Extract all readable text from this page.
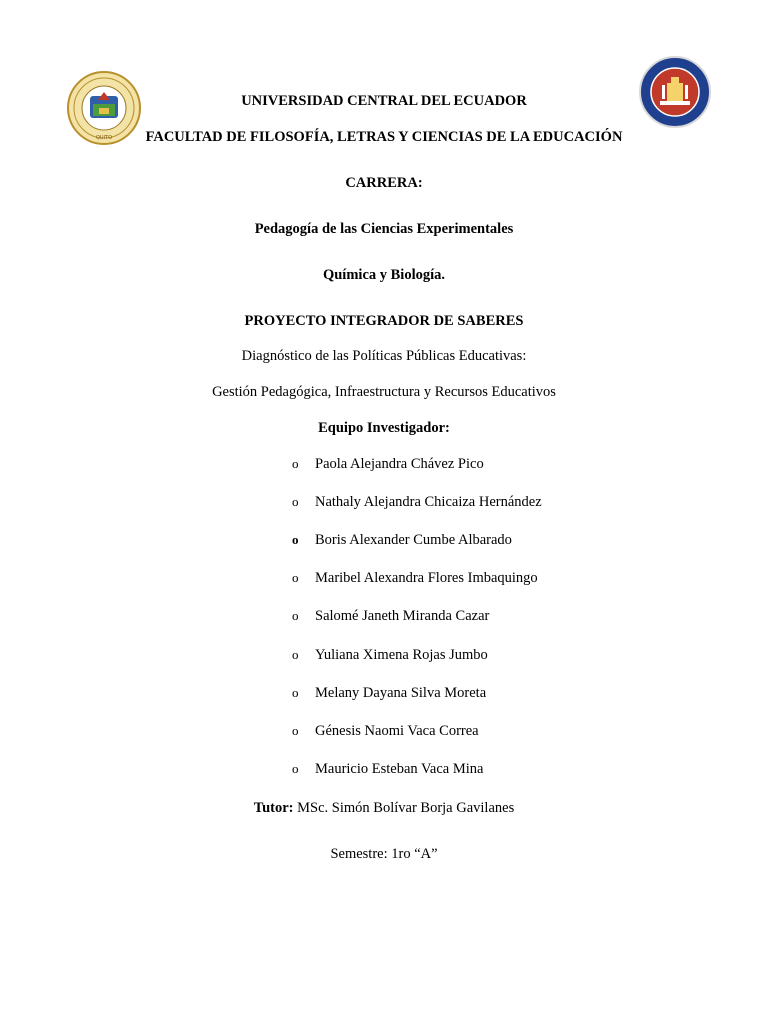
QUITO
UNIVERSIDAD CENTRAL DEL ECUADOR
FACULTAD DE FILOSOFÍA, LETRAS Y CIENCIAS DE LA EDUCACIÓN
CARRERA:
Pedagogía de las Ciencias Experimentales
Química y Biología.
PROYECTO INTEGRADOR DE SABERES
Diagnóstico de las Políticas Públicas Educativas:
Gestión Pedagógica, Infraestructura y Recursos Educativos
Equipo Investigador:
o Paola Alejandra Chávez Pico
o Nathaly Alejandra Chicaiza Hernández
o Boris Alexander Cumbe Albarado
o Maribel Alexandra Flores Imbaquingo
o Salomé Janeth Miranda Cazar
o Yuliana Ximena Rojas Jumbo
o Melany Dayana Silva Moreta
o Génesis Naomi Vaca Correa
o Mauricio Esteban Vaca Mina
Tutor: MSc. Simón Bolívar Borja Gavilanes
Semestre: 1ro “A”
